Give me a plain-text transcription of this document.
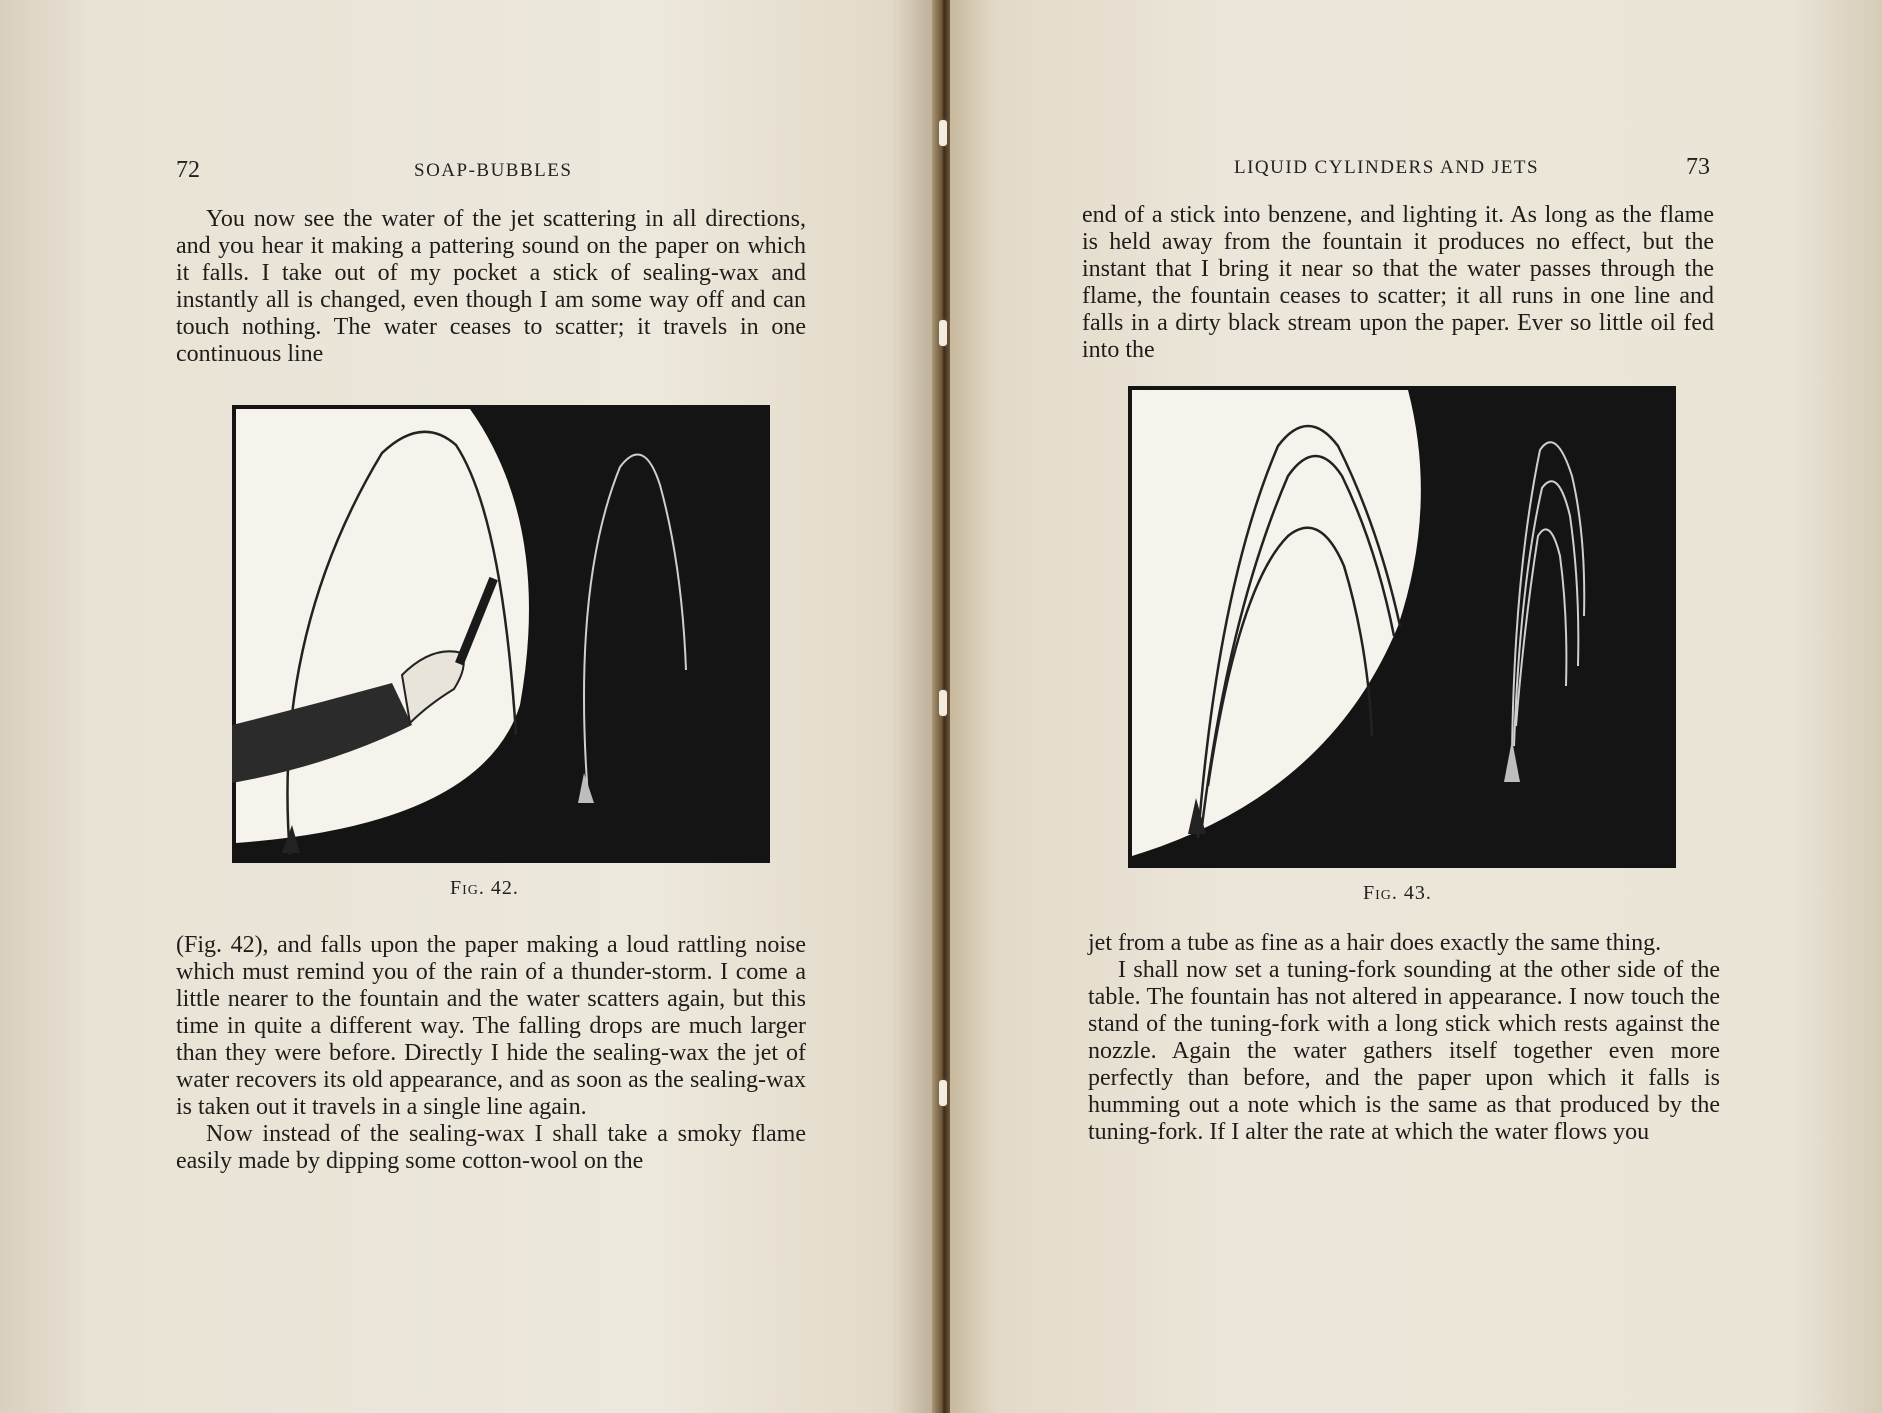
72	SOAP-BUBBLES

You now see the water of the jet scattering in all directions, and you hear it making a pattering sound on the paper on which it falls. I take out of my pocket a stick of sealing-wax and instantly all is changed, even though I am some way off and can touch nothing. The water ceases to scatter; it travels in one continuous line

Fig. 42.

(Fig. 42), and falls upon the paper making a loud rattling noise which must remind you of the rain of a thunder-storm. I come a little nearer to the fountain and the water scatters again, but this time in quite a different way. The falling drops are much larger than they were before. Directly I hide the sealing-wax the jet of water recovers its old appearance, and as soon as the sealing-wax is taken out it travels in a single line again.

Now instead of the sealing-wax I shall take a smoky flame easily made by dipping some cotton-wool on the

LIQUID CYLINDERS AND JETS	73

end of a stick into benzene, and lighting it. As long as the flame is held away from the fountain it produces no effect, but the instant that I bring it near so that the water passes through the flame, the fountain ceases to scatter; it all runs in one line and falls in a dirty black stream upon the paper. Ever so little oil fed into the

Fig. 43.

jet from a tube as fine as a hair does exactly the same thing.

I shall now set a tuning-fork sounding at the other side of the table. The fountain has not altered in appearance. I now touch the stand of the tuning-fork with a long stick which rests against the nozzle. Again the water gathers itself together even more perfectly than before, and the paper upon which it falls is humming out a note which is the same as that produced by the tuning-fork. If I alter the rate at which the water flows you
